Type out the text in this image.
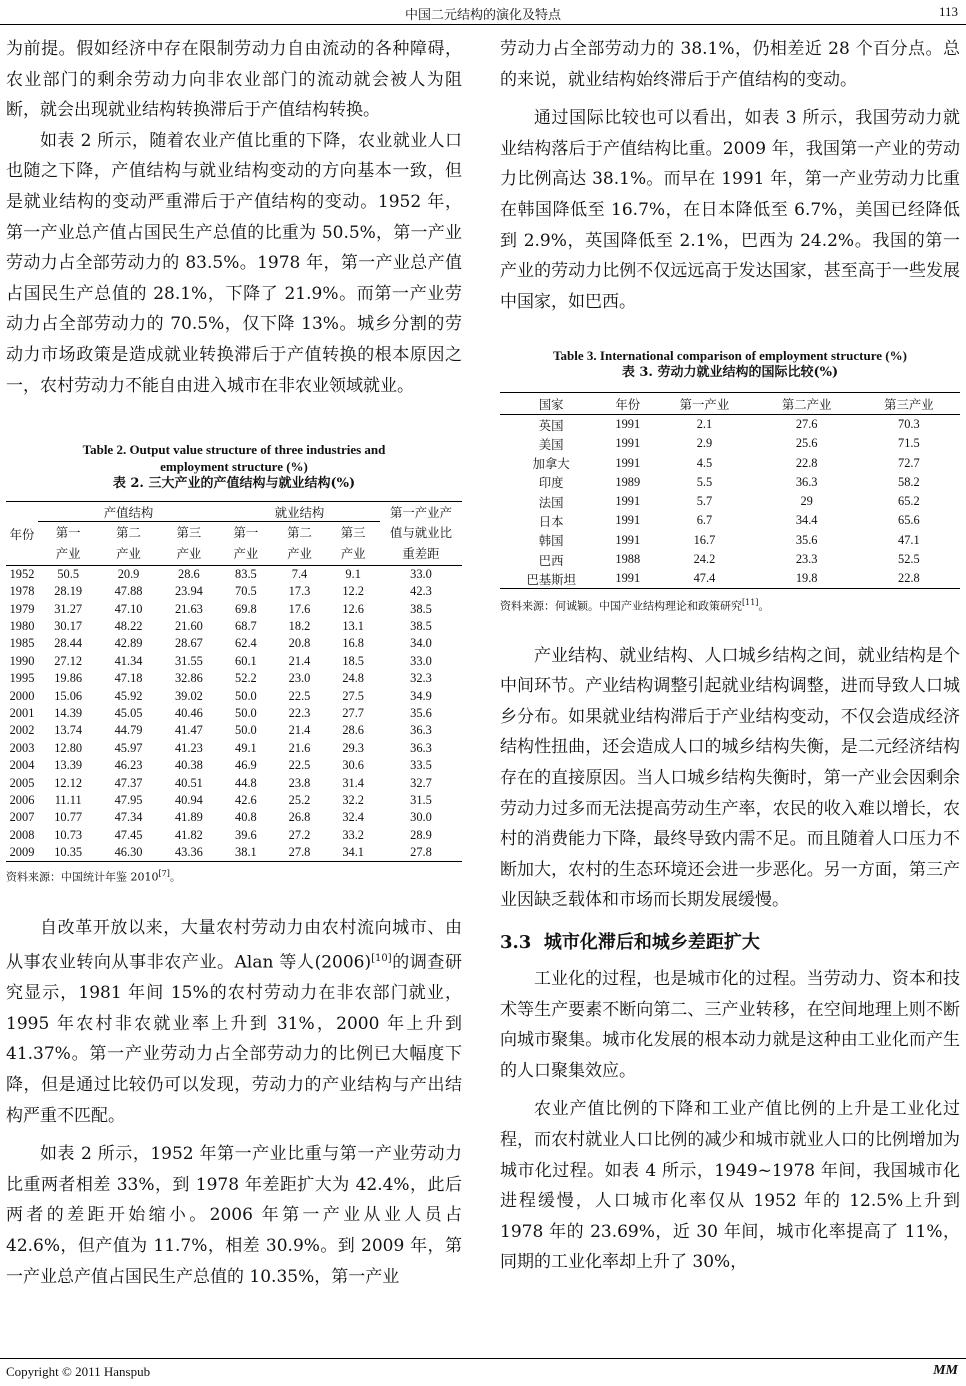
中国二元结构的演化及特点	113

为前提。假如经济中存在限制劳动力自由流动的各种障碍，农业部门的剩余劳动力向非农业部门的流动就会被人为阻断，就会出现就业结构转换滞后于产值结构转换。

如表 2 所示，随着农业产值比重的下降，农业就业人口也随之下降，产值结构与就业结构变动的方向基本一致，但是就业结构的变动严重滞后于产值结构的变动。1952 年，第一产业总产值占国民生产总值的比重为 50.5%，第一产业劳动力占全部劳动力的 83.5%。1978 年，第一产业总产值占国民生产总值的 28.1%，下降了 21.9%。而第一产业劳动力占全部劳动力的 70.5%，仅下降 13%。城乡分割的劳动力市场政策是造成就业转换滞后于产值转换的根本原因之一，农村劳动力不能自由进入城市在非农业领域就业。

Table 2. Output value structure of three industries and
employment structure (%)
表 2. 三大产业的产值结构与就业结构(%)
年份	产值结构			就业结构			第一产业产
	第一	第二	第三	第一	第二	第三	值与就业比
	产业	产业	产业	产业	产业	产业	重差距
1952	50.5	20.9	28.6	83.5	7.4	9.1	33.0
1978	28.19	47.88	23.94	70.5	17.3	12.2	42.3
1979	31.27	47.10	21.63	69.8	17.6	12.6	38.5
1980	30.17	48.22	21.60	68.7	18.2	13.1	38.5
1985	28.44	42.89	28.67	62.4	20.8	16.8	34.0
1990	27.12	41.34	31.55	60.1	21.4	18.5	33.0
1995	19.86	47.18	32.86	52.2	23.0	24.8	32.3
2000	15.06	45.92	39.02	50.0	22.5	27.5	34.9
2001	14.39	45.05	40.46	50.0	22.3	27.7	35.6
2002	13.74	44.79	41.47	50.0	21.4	28.6	36.3
2003	12.80	45.97	41.23	49.1	21.6	29.3	36.3
2004	13.39	46.23	40.38	46.9	22.5	30.6	33.5
2005	12.12	47.37	40.51	44.8	23.8	31.4	32.7
2006	11.11	47.95	40.94	42.6	25.2	32.2	31.5
2007	10.77	47.34	41.89	40.8	26.8	32.4	30.0
2008	10.73	47.45	41.82	39.6	27.2	33.2	28.9
2009	10.35	46.30	43.36	38.1	27.8	34.1	27.8
资料来源：中国统计年鉴 2010[7]。

自改革开放以来，大量农村劳动力由农村流向城市、由从事农业转向从事非农产业。Alan 等人(2006)[10]的调查研究显示，1981 年间 15%的农村劳动力在非农部门就业，1995 年农村非农就业率上升到 31%，2000 年上升到 41.37%。第一产业劳动力占全部劳动力的比例已大幅度下降，但是通过比较仍可以发现，劳动力的产业结构与产出结构严重不匹配。

如表 2 所示，1952 年第一产业比重与第一产业劳动力比重两者相差 33%，到 1978 年差距扩大为 42.4%，此后两者的差距开始缩小。2006 年第一产业从业人员占 42.6%，但产值为 11.7%，相差 30.9%。到 2009 年，第一产业总产值占国民生产总值的 10.35%，第一产业

劳动力占全部劳动力的 38.1%，仍相差近 28 个百分点。总的来说，就业结构始终滞后于产值结构的变动。

通过国际比较也可以看出，如表 3 所示，我国劳动力就业结构落后于产值结构比重。2009 年，我国第一产业的劳动力比例高达 38.1%。而早在 1991 年，第一产业劳动力比重在韩国降低至 16.7%，在日本降低至 6.7%，美国已经降低到 2.9%，英国降低至 2.1%，巴西为 24.2%。我国的第一产业的劳动力比例不仅远远高于发达国家，甚至高于一些发展中国家，如巴西。

Table 3. International comparison of employment structure (%)
表 3. 劳动力就业结构的国际比较(%)
国家	年份	第一产业	第二产业	第三产业
英国	1991	2.1	27.6	70.3
美国	1991	2.9	25.6	71.5
加拿大	1991	4.5	22.8	72.7
印度	1989	5.5	36.3	58.2
法国	1991	5.7	29	65.2
日本	1991	6.7	34.4	65.6
韩国	1991	16.7	35.6	47.1
巴西	1988	24.2	23.3	52.5
巴基斯坦	1991	47.4	19.8	22.8
资料来源：何诚颖。中国产业结构理论和政策研究[11]。

产业结构、就业结构、人口城乡结构之间，就业结构是个中间环节。产业结构调整引起就业结构调整，进而导致人口城乡分布。如果就业结构滞后于产业结构变动，不仅会造成经济结构性扭曲，还会造成人口的城乡结构失衡，是二元经济结构存在的直接原因。当人口城乡结构失衡时，第一产业会因剩余劳动力过多而无法提高劳动生产率，农民的收入难以增长，农村的消费能力下降，最终导致内需不足。而且随着人口压力不断加大，农村的生态环境还会进一步恶化。另一方面，第三产业因缺乏载体和市场而长期发展缓慢。

3.3 城市化滞后和城乡差距扩大

工业化的过程，也是城市化的过程。当劳动力、资本和技术等生产要素不断向第二、三产业转移，在空间地理上则不断向城市聚集。城市化发展的根本动力就是这种由工业化而产生的人口聚集效应。

农业产值比例的下降和工业产值比例的上升是工业化过程，而农村就业人口比例的减少和城市就业人口的比例增加为城市化过程。如表 4 所示，1949~1978 年间，我国城市化进程缓慢，人口城市化率仅从 1952 年的 12.5%上升到 1978 年的 23.69%，近 30 年间，城市化率提高了 11%，同期的工业化率却上升了 30%，

Copyright © 2011 Hanspub	MM
